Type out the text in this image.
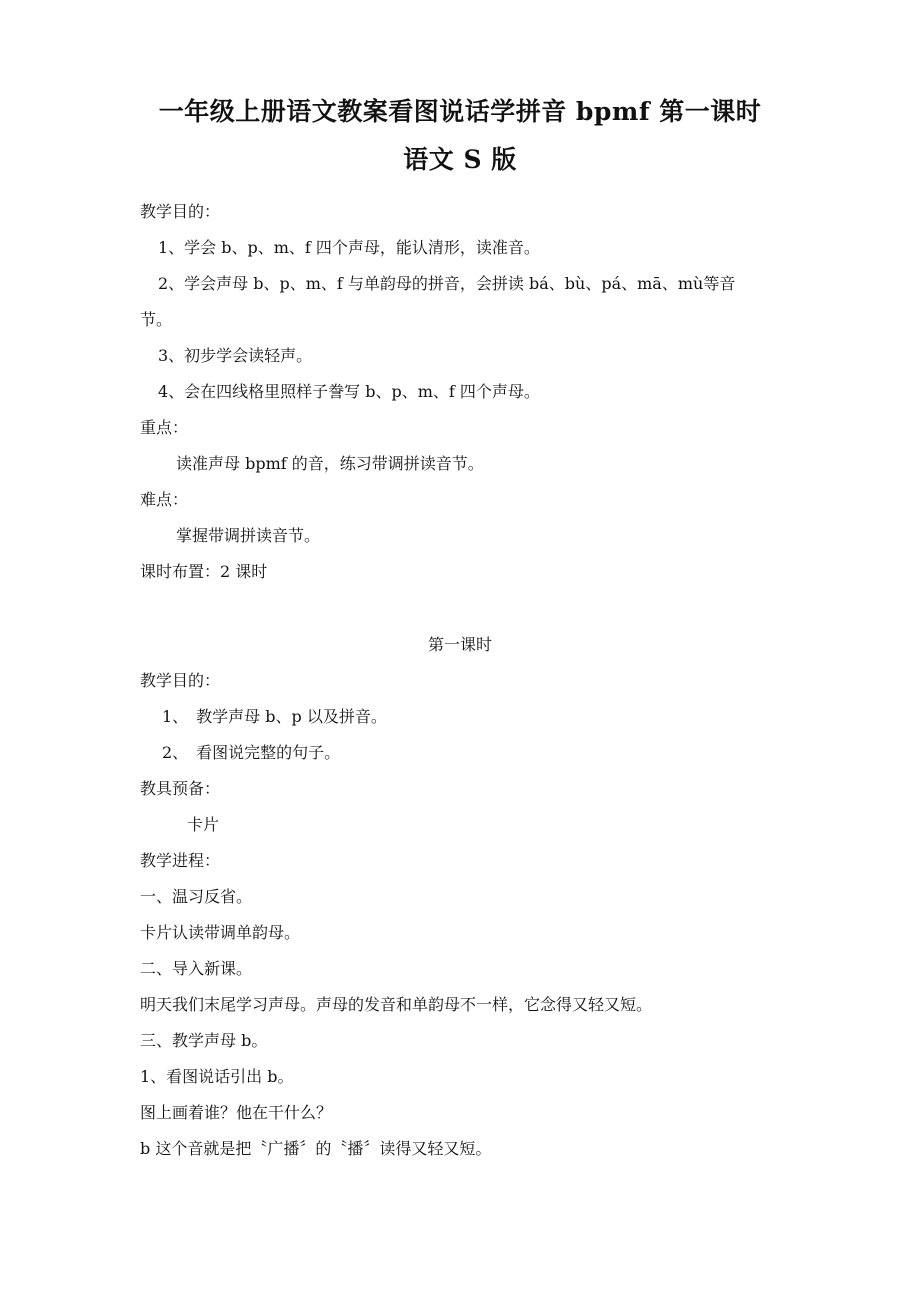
一年级上册语文教案看图说话学拼音 bpmf 第一课时
语文 S 版
教学目的：
1、学会 b、p、m、f 四个声母，能认清形，读准音。
2、学会声母 b、p、m、f 与单韵母的拼音，会拼读 bá、bù、pá、mā、mù等音
节。
3、初步学会读轻声。
4、会在四线格里照样子誊写 b、p、m、f 四个声母。
重点：
读准声母 bpmf 的音，练习带调拼读音节。
难点：
掌握带调拼读音节。
课时布置：2 课时
第一课时
教学目的：
1、　教学声母 b、p 以及拼音。
2、　看图说完整的句子。
教具预备：
卡片
教学进程：
一、温习反省。
卡片认读带调单韵母。
二、导入新课。
明天我们末尾学习声母。声母的发音和单韵母不一样，它念得又轻又短。
三、教学声母 b。
1、看图说话引出 b。
图上画着谁？他在干什么？
b 这个音就是把〝广播〞的〝播〞读得又轻又短。
